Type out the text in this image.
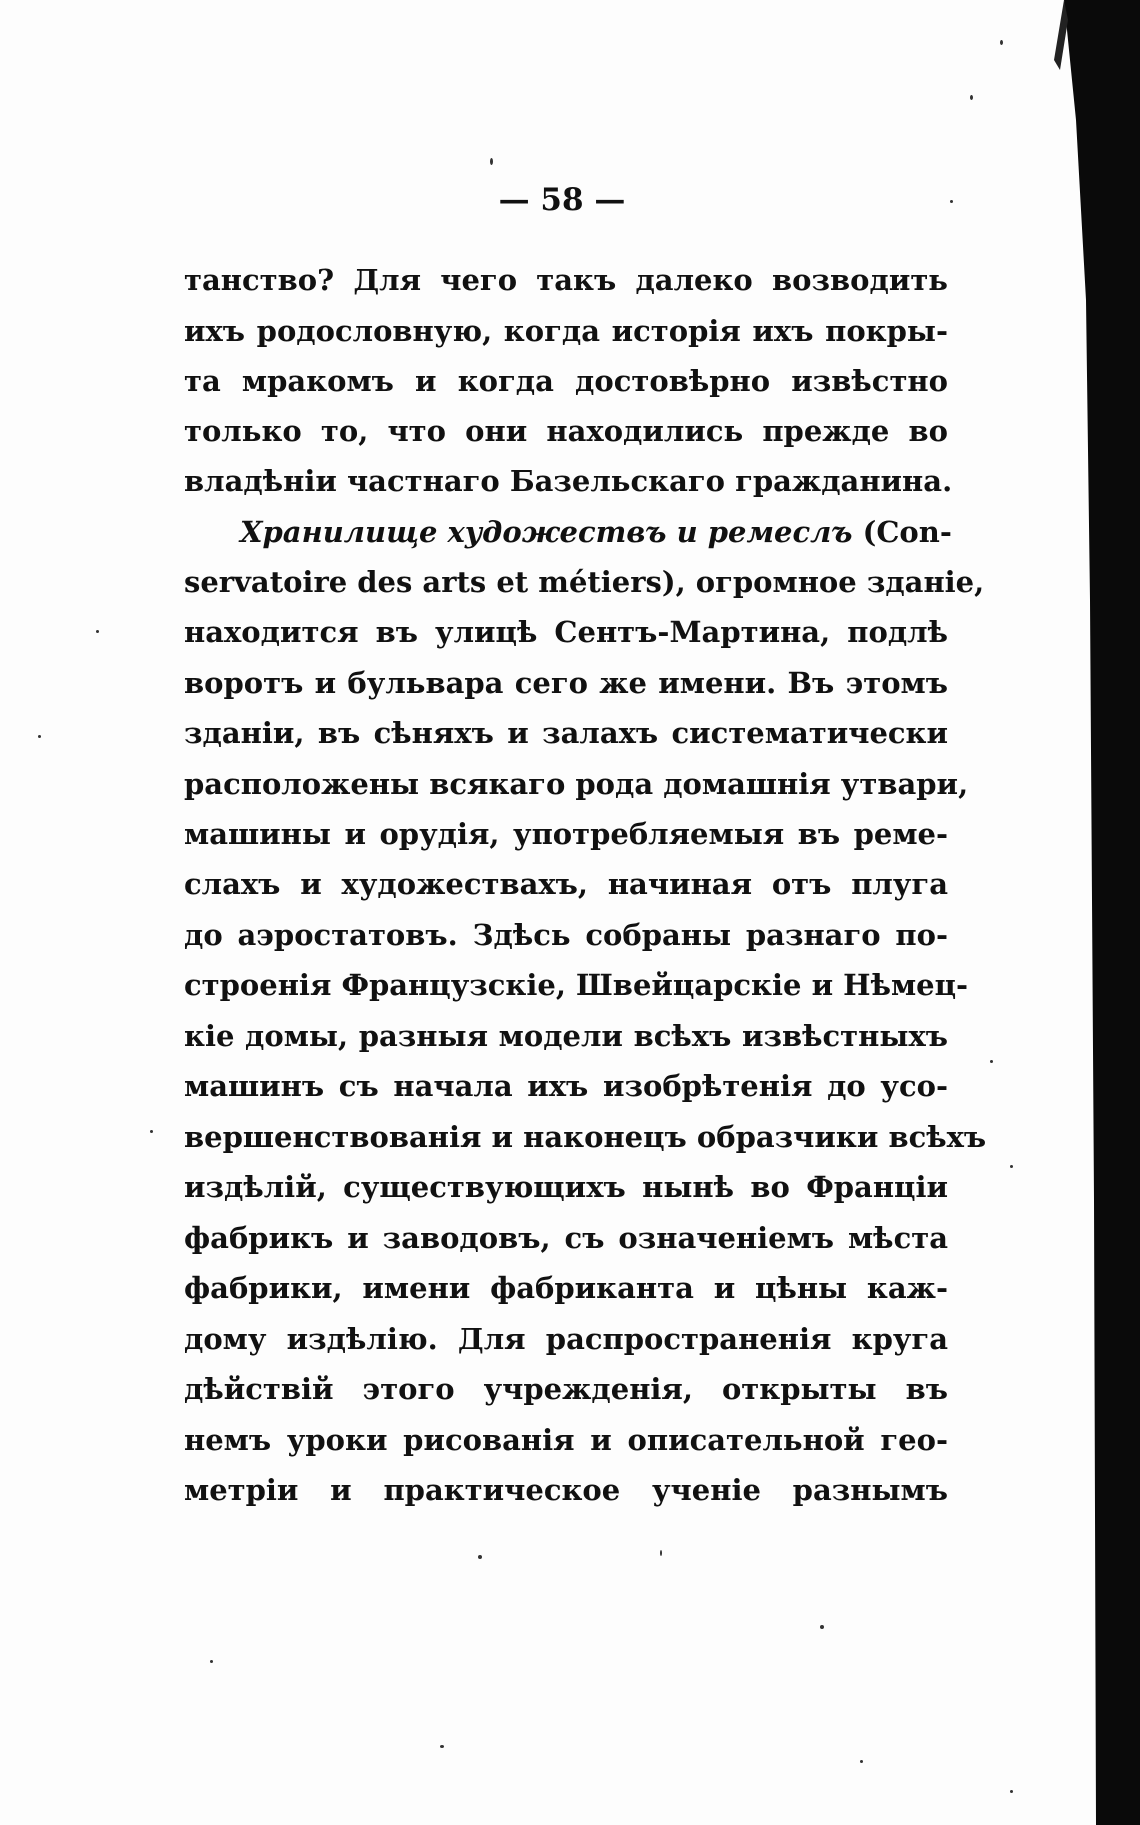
— 58 —
танство? Для чего такъ далеко возводить
ихъ родословную, когда исторія ихъ покры-
та мракомъ и когда достовѣрно извѣстно
только то, что они находились прежде во
владѣніи частнаго Базельскаго гражданина.
Хранилище художествъ и ремеслъ (Con-
servatoire des arts et métiers), огромное зданіе,
находится въ улицѣ Сентъ-Мартина, подлѣ
воротъ и бульвара сего же имени. Въ этомъ
зданіи, въ сѣняхъ и залахъ систематически
расположены всякаго рода домашнія утвари,
машины и орудія, употребляемыя въ реме-
слахъ и художествахъ, начиная отъ плуга
до аэростатовъ. Здѣсь собраны разнаго по-
строенія Французскіе, Швейцарскіе и Нѣмец-
кіе домы, разныя модели всѣхъ извѣстныхъ
машинъ съ начала ихъ изобрѣтенія до усо-
вершенствованія и наконецъ образчики всѣхъ
издѣлій, существующихъ нынѣ во Франціи
фабрикъ и заводовъ, съ означеніемъ мѣста
фабрики, имени фабриканта и цѣны каж-
дому издѣлію. Для распространенія круга
дѣйствій этого учрежденія, открыты въ
немъ уроки рисованія и описательной гео-
метріи и практическое ученіе разнымъ
